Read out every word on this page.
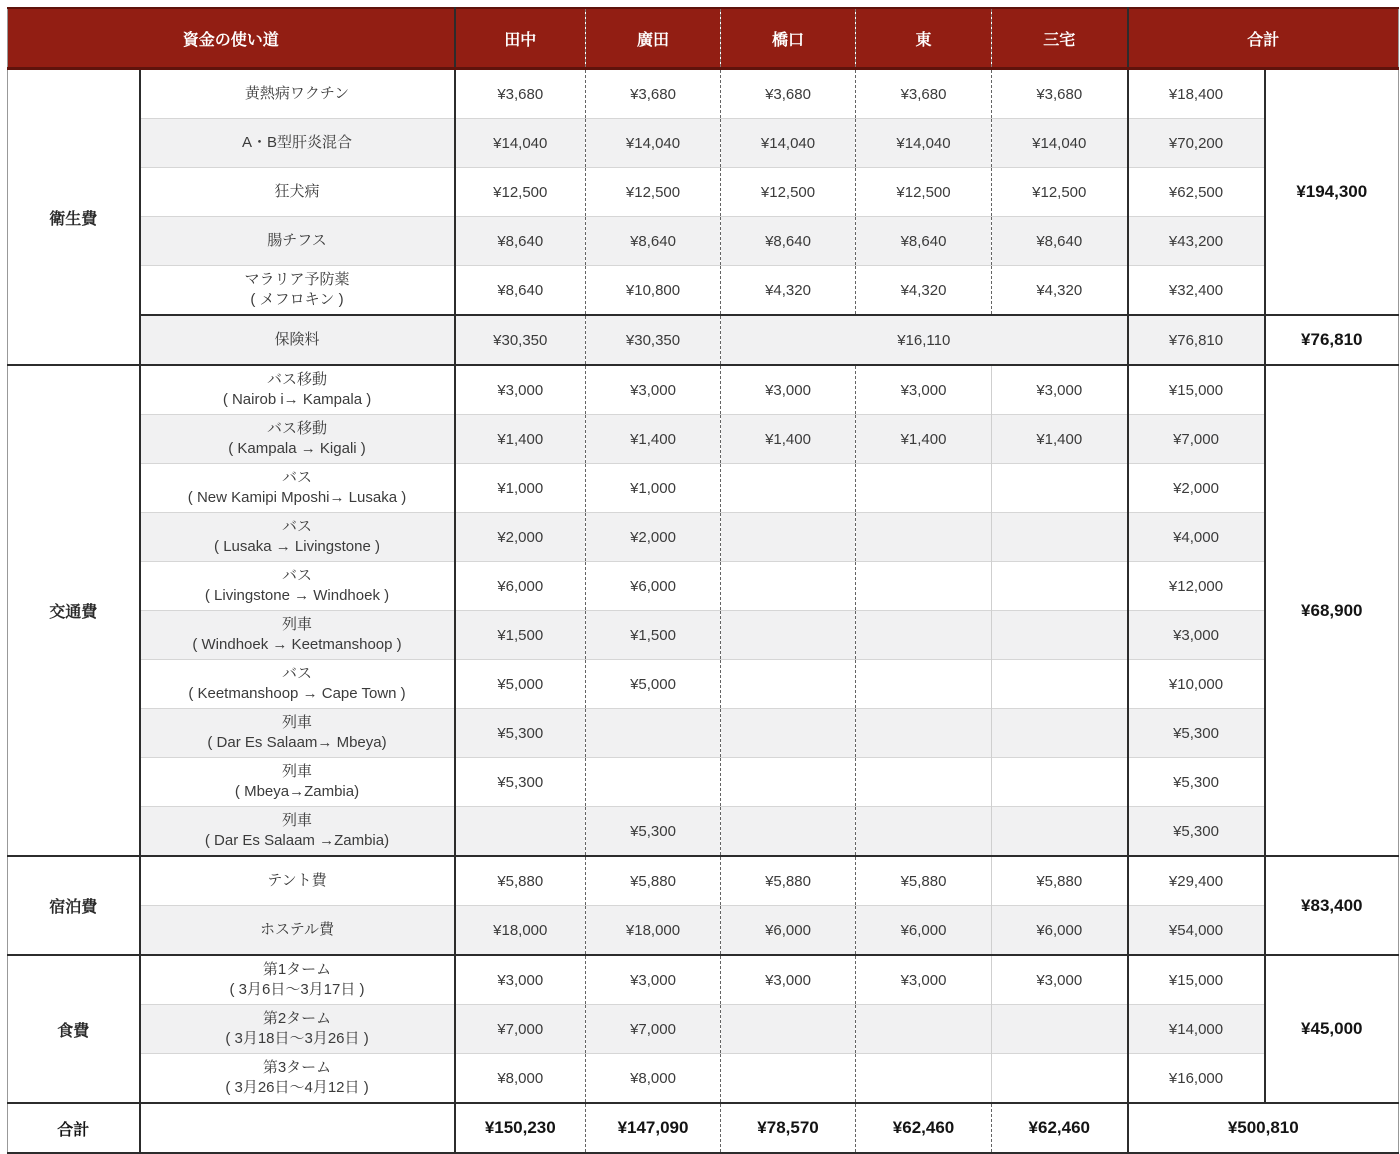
資金の使い道		田中	廣田	橋口	東	三宅	合計	
衛生費	黄熱病ワクチン	¥3,680	¥3,680	¥3,680	¥3,680	¥3,680	¥18,400	¥194,300

	A・B型肝炎混合	¥14,040	¥14,040	¥14,040	¥14,040	¥14,040	¥70,200	

	狂犬病	¥12,500	¥12,500	¥12,500	¥12,500	¥12,500	¥62,500	

	腸チフス	¥8,640	¥8,640	¥8,640	¥8,640	¥8,640	¥43,200	

	マラリア予防薬
( メフロキン )	¥8,640	¥10,800	¥4,320	¥4,320	¥4,320	¥32,400	

	保険料	¥30,350	¥30,350	¥16,110			¥76,810	¥76,810
交通費	バス移動
( Nairob i→ Kampala )	¥3,000	¥3,000	¥3,000	¥3,000	¥3,000	¥15,000	¥68,900

	バス移動
( Kampala → Kigali )	¥1,400	¥1,400	¥1,400	¥1,400	¥1,400	¥7,000	

	バス
( New Kamipi Mposhi→ Lusaka )	¥1,000	¥1,000				¥2,000	

	バス
( Lusaka → Livingstone )	¥2,000	¥2,000				¥4,000	

	バス
( Livingstone → Windhoek )	¥6,000	¥6,000				¥12,000	

	列車
( Windhoek → Keetmanshoop )	¥1,500	¥1,500				¥3,000	

	バス
( Keetmanshoop → Cape Town )	¥5,000	¥5,000				¥10,000	

	列車
( Dar Es Salaam→ Mbeya)	¥5,300					¥5,300	

	列車
( Mbeya→Zambia)	¥5,300					¥5,300	

	列車
( Dar Es Salaam →Zambia)		¥5,300				¥5,300	
宿泊費	テント費	¥5,880	¥5,880	¥5,880	¥5,880	¥5,880	¥29,400	¥83,400

	ホステル費	¥18,000	¥18,000	¥6,000	¥6,000	¥6,000	¥54,000	
食費	第1ターム
( 3月6日〜3月17日 )	¥3,000	¥3,000	¥3,000	¥3,000	¥3,000	¥15,000	¥45,000

	第2ターム
( 3月18日〜3月26日 )	¥7,000	¥7,000				¥14,000	

	第3ターム
( 3月26日〜4月12日 )	¥8,000	¥8,000				¥16,000	
合計		¥150,230	¥147,090	¥78,570	¥62,460	¥62,460	¥500,810	
